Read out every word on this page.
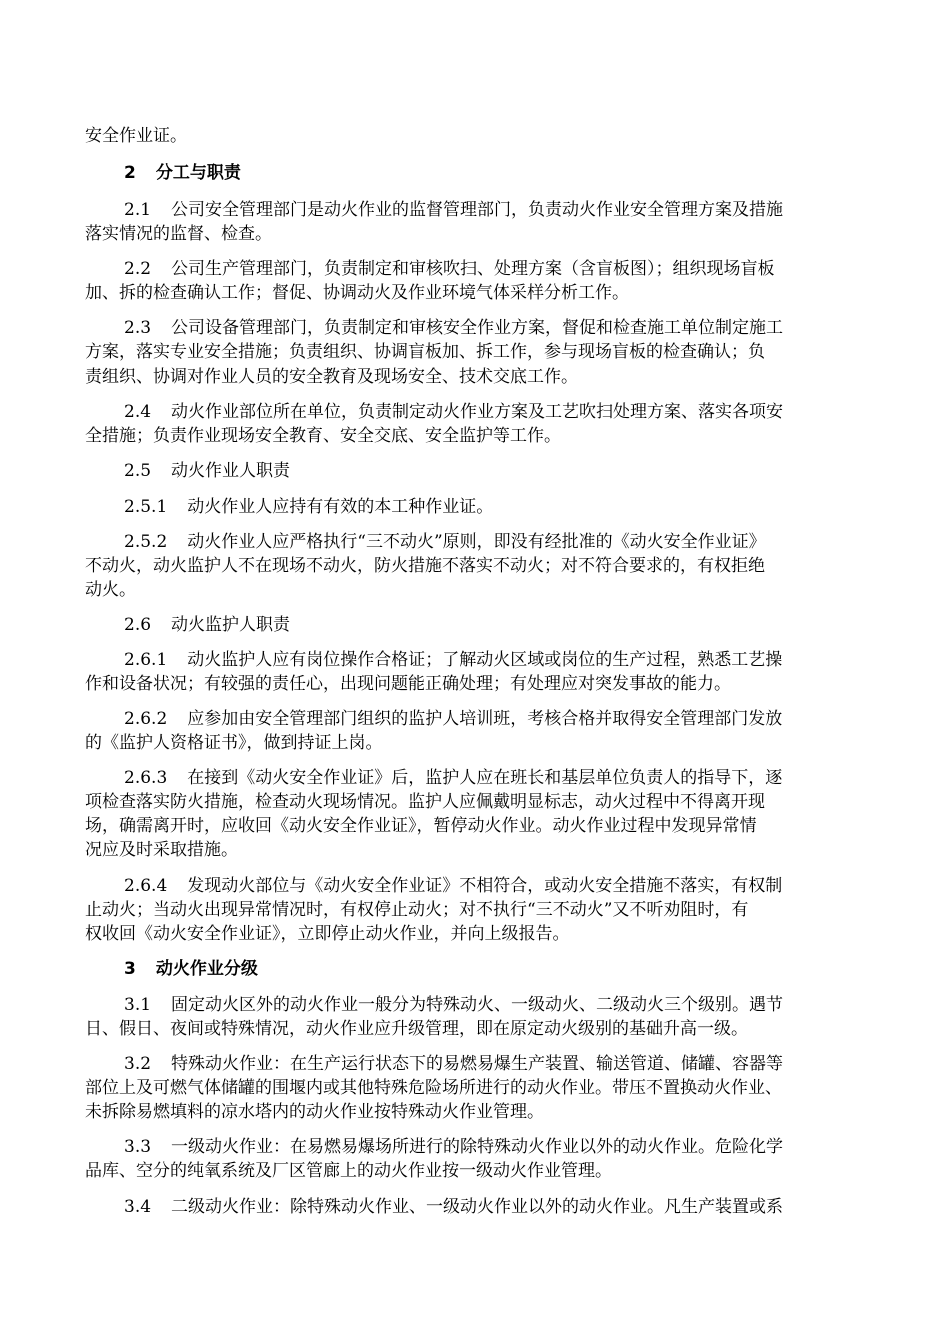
安全作业证。
2 分工与职责
2.1 公司安全管理部门是动火作业的监督管理部门，负责动火作业安全管理方案及措施
落实情况的监督、检查。
2.2 公司生产管理部门，负责制定和审核吹扫、处理方案（含盲板图）；组织现场盲板
加、拆的检查确认工作；督促、协调动火及作业环境气体采样分析工作。
2.3 公司设备管理部门，负责制定和审核安全作业方案，督促和检查施工单位制定施工
方案，落实专业安全措施；负责组织、协调盲板加、拆工作，参与现场盲板的检查确认；负
责组织、协调对作业人员的安全教育及现场安全、技术交底工作。
2.4 动火作业部位所在单位，负责制定动火作业方案及工艺吹扫处理方案、落实各项安
全措施；负责作业现场安全教育、安全交底、安全监护等工作。
2.5 动火作业人职责
2.5.1 动火作业人应持有有效的本工种作业证。
2.5.2 动火作业人应严格执行“三不动火”原则，即没有经批准的《动火安全作业证》
不动火，动火监护人不在现场不动火，防火措施不落实不动火；对不符合要求的，有权拒绝
动火。
2.6 动火监护人职责
2.6.1 动火监护人应有岗位操作合格证；了解动火区域或岗位的生产过程，熟悉工艺操
作和设备状况；有较强的责任心，出现问题能正确处理；有处理应对突发事故的能力。
2.6.2 应参加由安全管理部门组织的监护人培训班，考核合格并取得安全管理部门发放
的《监护人资格证书》，做到持证上岗。
2.6.3 在接到《动火安全作业证》后，监护人应在班长和基层单位负责人的指导下，逐
项检查落实防火措施，检查动火现场情况。监护人应佩戴明显标志，动火过程中不得离开现
场，确需离开时，应收回《动火安全作业证》，暂停动火作业。动火作业过程中发现异常情
况应及时采取措施。
2.6.4 发现动火部位与《动火安全作业证》不相符合，或动火安全措施不落实，有权制
止动火；当动火出现异常情况时，有权停止动火；对不执行“三不动火”又不听劝阻时，有
权收回《动火安全作业证》，立即停止动火作业，并向上级报告。
3 动火作业分级
3.1 固定动火区外的动火作业一般分为特殊动火、一级动火、二级动火三个级别。遇节
日、假日、夜间或特殊情况，动火作业应升级管理，即在原定动火级别的基础升高一级。
3.2 特殊动火作业：在生产运行状态下的易燃易爆生产装置、输送管道、储罐、容器等
部位上及可燃气体储罐的围堰内或其他特殊危险场所进行的动火作业。带压不置换动火作业、
未拆除易燃填料的凉水塔内的动火作业按特殊动火作业管理。
3.3 一级动火作业：在易燃易爆场所进行的除特殊动火作业以外的动火作业。危险化学
品库、空分的纯氧系统及厂区管廊上的动火作业按一级动火作业管理。
3.4 二级动火作业：除特殊动火作业、一级动火作业以外的动火作业。凡生产装置或系
